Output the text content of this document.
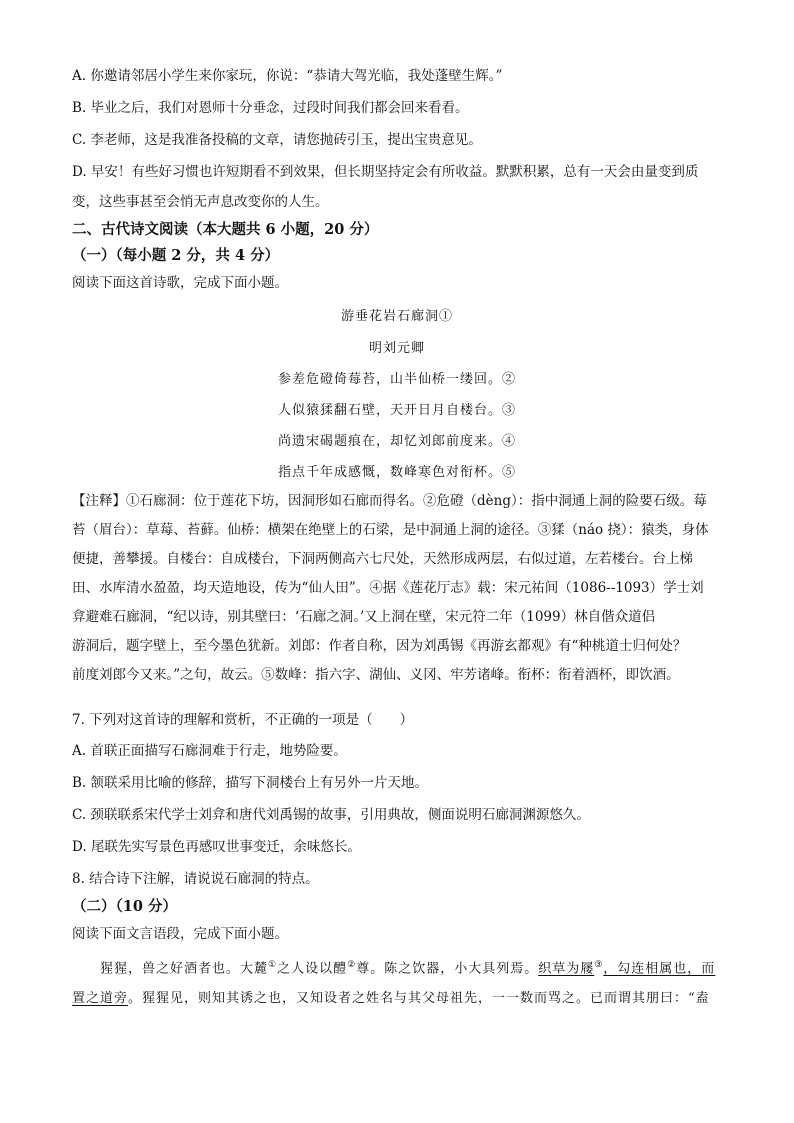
A. 你邀请邻居小学生来你家玩，你说：“恭请大驾光临，我处蓬壁生辉。”
B. 毕业之后，我们对恩师十分垂念，过段时间我们都会回来看看。
C. 李老师，这是我准备投稿的文章，请您抛砖引玉，提出宝贵意见。
D. 早安！有些好习惯也许短期看不到效果，但长期坚持定会有所收益。默默积累，总有一天会由量变到质
变，这些事甚至会悄无声息改变你的人生。
二、古代诗文阅读（本大题共 6 小题，20 分）
（一）（每小题 2 分，共 4 分）
阅读下面这首诗歌，完成下面小题。
游垂花岩石廊洞①
明刘元卿
参差危磴倚莓苔，山半仙桥一缕回。②
人似猿猱翻石壁，天开日月自楼台。③
尚遗宋碣题痕在，却忆刘郎前度来。④
指点千年成感慨，数峰寒色对衔杯。⑤
【注释】①石廊洞：位于莲花下坊，因洞形如石廊而得名。②危磴（dèng）：指中洞通上洞的险要石级。莓
苔（眉台）：草莓、苔藓。仙桥：横架在绝壁上的石梁，是中洞通上洞的途径。③猱（náo 挠）：猿类，身体
便捷，善攀援。自楼台：自成楼台，下洞两侧高六七尺处，天然形成两层，右似过道，左若楼台。台上梯
田、水库清水盈盈，均天造地设，传为“仙人田”。④据《莲花厅志》载：宋元祐间（1086--1093）学士刘
弇避难石廊洞，“纪以诗，别其壁曰：‘石廊之洞。’又上洞在壁，宋元符二年（1099）林自偕众道侣
游洞后，题字壁上，至今墨色犹新。刘郎：作者自称，因为刘禹锡《再游玄都观》有“种桃道士归何处？
前度刘郎今又来。”之句，故云。⑤数峰：指六字、湖仙、义冈、牢芳诸峰。衔杯：衔着酒杯，即饮酒。
7. 下列对这首诗的理解和赏析，不正确的一项是（　　）
A. 首联正面描写石廊洞难于行走，地势险要。
B. 颔联采用比喻的修辞，描写下洞楼台上有另外一片天地。
C. 颈联联系宋代学士刘弇和唐代刘禹锡的故事，引用典故，侧面说明石廊洞渊源悠久。
D. 尾联先实写景色再感叹世事变迁，余味悠长。
8. 结合诗下注解，请说说石廊洞的特点。
（二）（10 分）
阅读下面文言语段，完成下面小题。
猩猩，兽之好酒者也。大麓①之人设以醴②尊。陈之饮器，小大具列焉。织草为屦③，勾连相属也，而
置之道旁。猩猩见，则知其诱之也，又知设者之姓名与其父母祖先，一一数而骂之。已而谓其朋曰：“盍
